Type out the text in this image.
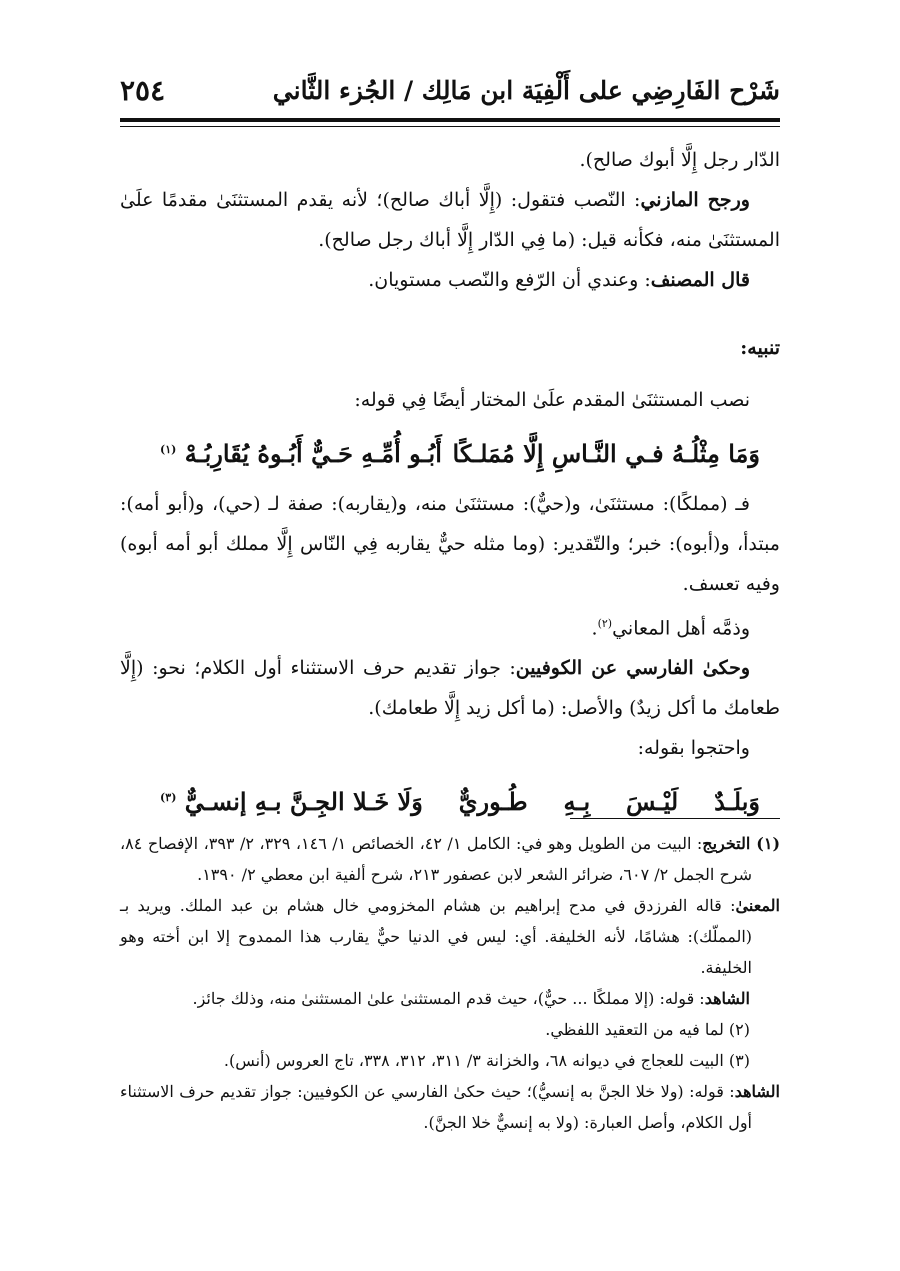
شَرْح الفَارِضِي على أَلْفِيَة ابن مَالِك / الجُزء الثَّاني
٢٥٤

الدّار رجل إِلَّا أبوك صالح).

ورجح المازني: النّصب فتقول: (إِلَّا أباك صالح)؛ لأنه يقدم المستثنَىٰ مقدمًا علَىٰ المستثنَىٰ منه، فكأنه قيل: (ما فِي الدّار إِلَّا أباك رجل صالح).

قال المصنف: وعندي أن الرّفع والنّصب مستويان.

تنبيه:

نصب المستثنَىٰ المقدم علَىٰ المختار أيضًا فِي قوله:

وَمَا مِثْلُـهُ فـي النَّـاسِ إِلَّا مُمَلـكًا
أَبُـو أُمِّـهِ حَـيٌّ أَبُـوهُ يُقَارِبُـهْ $^{(١)}$

فـ (مملكًا): مستثنَىٰ، و(حيٌّ): مستثنَىٰ منه، و(يقاربه): صفة لـ (حي)، و(أبو أمه): مبتدأ، و(أبوه): خبر؛ والتّقدير: (وما مثله حيٌّ يقاربه فِي النّاس إِلَّا مملك أبو أمه أبوه) وفيه تعسف.

وذمَّه أهل المعاني$^{(٢)}$.

وحكىٰ الفارسي عن الكوفيين: جواز تقديم حرف الاستثناء أول الكلام؛ نحو: (إِلَّا طعامك ما أكل زيدٌ) والأصل: (ما أكل زيد إِلَّا طعامك).

واحتجوا بقوله:

وَبلَـدٌ
لَيْـسَ
بِـهِ
طُـوريٌّ
وَلَا خَـلا الجِـنَّ بـهِ إنسـيٌّ $^{(٣)}$

(١) التخريج: البيت من الطويل وهو في: الكامل ١/ ٤٢، الخصائص ١/ ١٤٦، ٣٢٩، ٢/ ٣٩٣، الإفصاح ٨٤، شرح الجمل ٢/ ٦٠٧، ضرائر الشعر لابن عصفور ٢١٣، شرح ألفية ابن معطي ٢/ ١٣٩٠.

المعنىٰ: قاله الفرزدق في مدح إبراهيم بن هشام المخزومي خال هشام بن عبد الملك. ويريد بـ (المملّك): هشامًا، لأنه الخليفة. أي: ليس في الدنيا حيٌّ يقارب هذا الممدوح إلا ابن أخته وهو الخليفة.

الشاهد: قوله: (إلا مملكًا ... حيٌّ)، حيث قدم المستثنىٰ علىٰ المستثنىٰ منه، وذلك جائز.

(٢) لما فيه من التعقيد اللفظي.

(٣) البيت للعجاج في ديوانه ٦٨، والخزانة ٣/ ٣١١، ٣١٢، ٣٣٨، تاج العروس (أنس).

الشاهد: قوله: (ولا خلا الجنَّ به إنسيُّ)؛ حيث حكىٰ الفارسي عن الكوفيين: جواز تقديم حرف الاستثناء أول الكلام، وأصل العبارة: (ولا به إنسيٌّ خلا الجنَّ).
